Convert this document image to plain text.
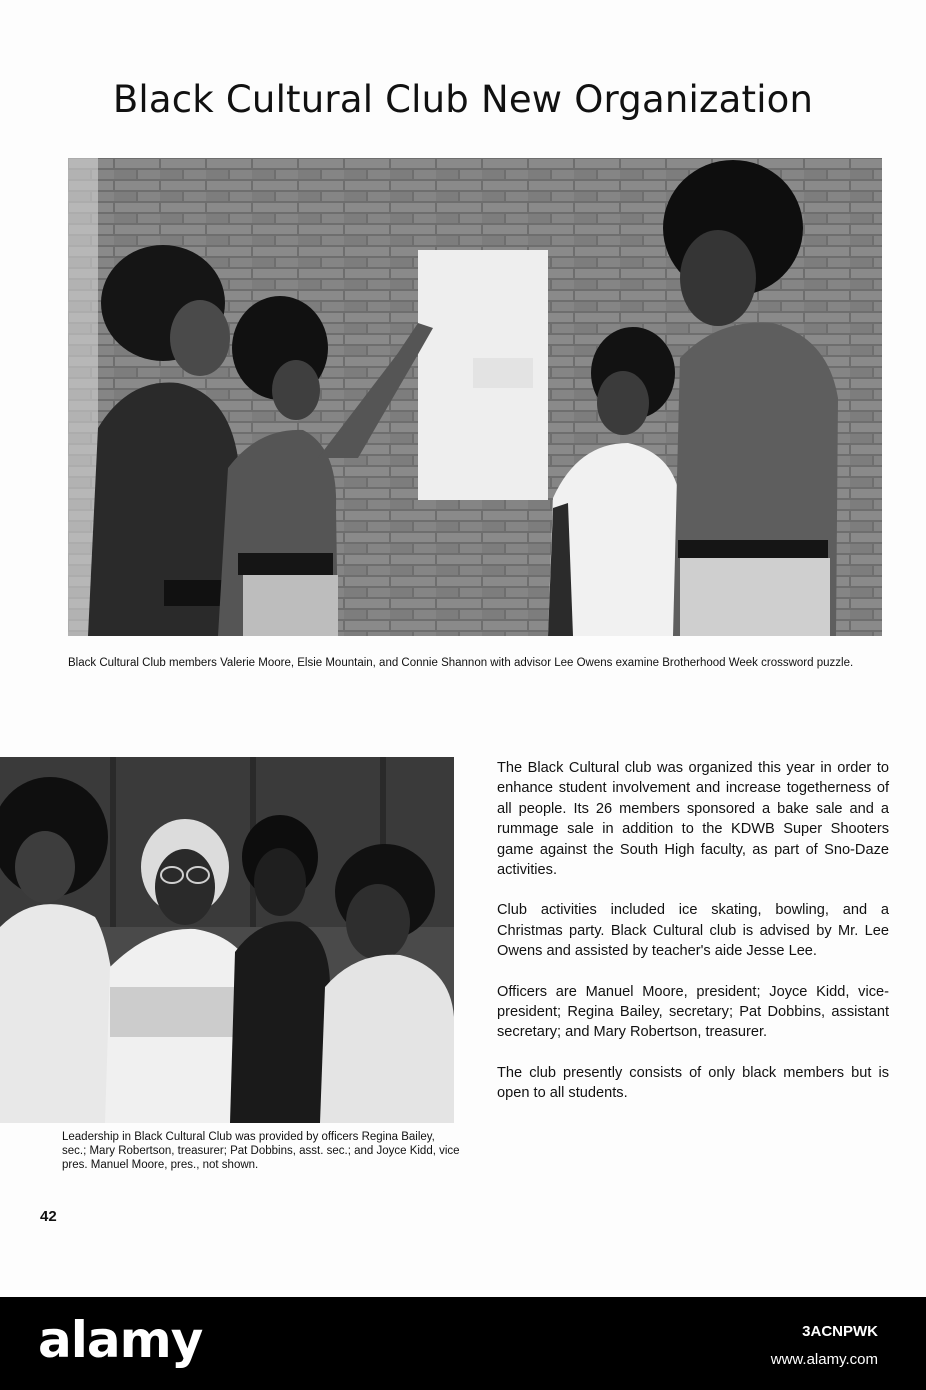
Black Cultural Club New Organization
Black Cultural Club members Valerie Moore, Elsie Mountain, and Connie Shannon with advisor Lee Owens examine Brotherhood Week crossword puzzle.
Leadership in Black Cultural Club was provided by officers Regina Bailey, sec.; Mary Robertson, treasurer; Pat Dobbins, asst. sec.; and Joyce Kidd, vice pres. Manuel Moore, pres., not shown.

The Black Cultural club was organized this year in order to enhance student involvement and increase togetherness of all people. Its 26 members sponsored a bake sale and a rummage sale in addition to the KDWB Super Shooters game against the South High faculty, as part of Sno-Daze activities.

Club activities included ice skating, bowling, and a Christmas party. Black Cultural club is advised by Mr. Lee Owens and assisted by teacher's aide Jesse Lee.

Officers are Manuel Moore, president; Joyce Kidd, vice-president; Regina Bailey, secretary; Pat Dobbins, assistant secretary; and Mary Robertson, treasurer.

The club presently consists of only black members but is open to all students.

42
alamy	3ACNPWK
www.alamy.com
